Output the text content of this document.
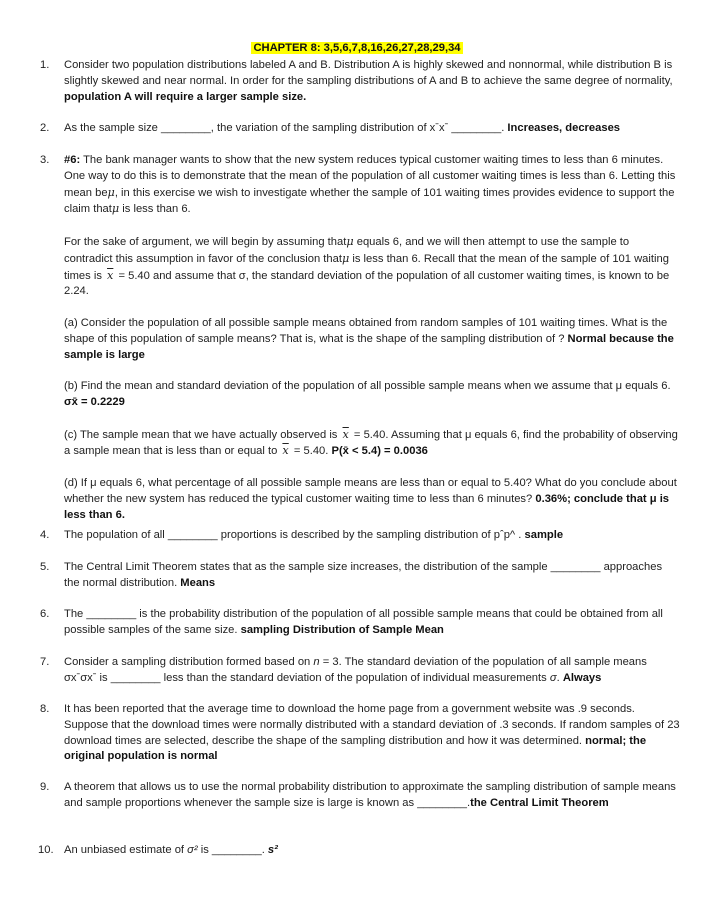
CHAPTER 8: 3,5,6,7,8,16,26,27,28,29,34
1.	Consider two population distributions labeled A and B. Distribution A is highly skewed and nonnormal, while distribution B is slightly skewed and near normal. In order for the sampling distributions of A and B to achieve the same degree of normality, population A will require a larger sample size.

2.	As the sample size ________, the variation of the sampling distribution of xˉxˉ ________. Increases, decreases

3.	#6: The bank manager wants to show that the new system reduces typical customer waiting times to less than 6 minutes. One way to do this is to demonstrate that the mean of the population of all customer waiting times is less than 6. Letting this mean beμ, in this exercise we wish to investigate whether the sample of 101 waiting times provides evidence to support the claim thatμ is less than 6.

For the sake of argument, we will begin by assuming thatμ equals 6, and we will then attempt to use the sample to contradict this assumption in favor of the conclusion thatμ is less than 6. Recall that the mean of the sample of 101 waiting times is $\overline{x} = 5.40$ and assume that σ, the standard deviation of the population of all customer waiting times, is known to be 2.24.

(a) Consider the population of all possible sample means obtained from random samples of 101 waiting times. What is the shape of this population of sample means? That is, what is the shape of the sampling distribution of ? Normal because the sample is large

(b) Find the mean and standard deviation of the population of all possible sample means when we assume that μ equals 6. σx̄ = 0.2229

(c) The sample mean that we have actually observed is $\overline{x} = 5.40$. Assuming that μ equals 6, find the probability of observing a sample mean that is less than or equal to $\overline{x} = 5.40$. P(x̄ < 5.4) = 0.0036

(d) If μ equals 6, what percentage of all possible sample means are less than or equal to 5.40? What do you conclude about whether the new system has reduced the typical customer waiting time to less than 6 minutes? 0.36%; conclude that μ is less than 6.

4.	The population of all ________ proportions is described by the sampling distribution of pˆp^ . sample

5.	The Central Limit Theorem states that as the sample size increases, the distribution of the sample ________ approaches the normal distribution. Means

6.	The ________ is the probability distribution of the population of all possible sample means that could be obtained from all possible samples of the same size. sampling Distribution of Sample Mean

7.	Consider a sampling distribution formed based on n = 3. The standard deviation of the population of all sample means σxˉσxˉ is ________ less than the standard deviation of the population of individual measurements σ. Always

8.	It has been reported that the average time to download the home page from a government website was .9 seconds. Suppose that the download times were normally distributed with a standard deviation of .3 seconds. If random samples of 23 download times are selected, describe the shape of the sampling distribution and how it was determined. normal; the original population is normal

9.	A theorem that allows us to use the normal probability distribution to approximate the sampling distribution of sample means and sample proportions whenever the sample size is large is known as ________.the Central Limit Theorem

10. An unbiased estimate of σ² is ________. s²
